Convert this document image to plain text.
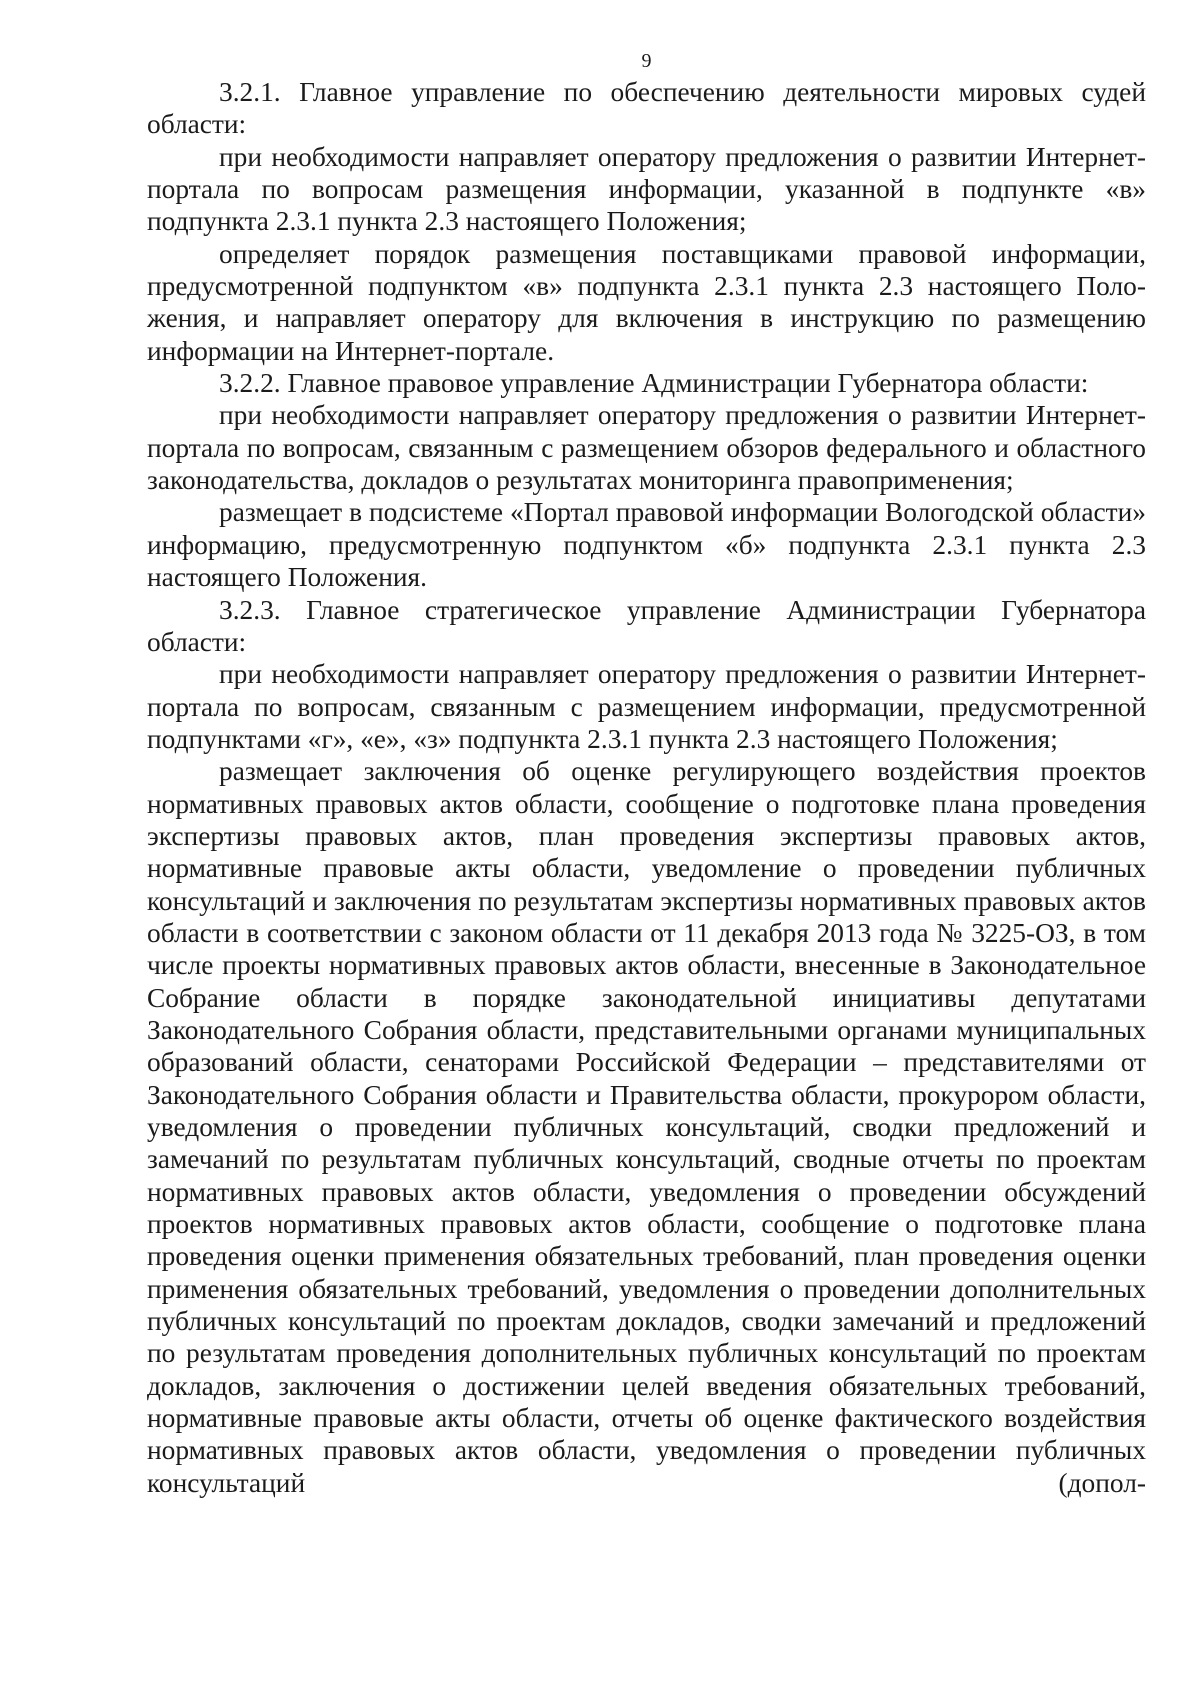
9

3.2.1. Главное управление по обеспечению деятельности мировых судей области:

при необходимости направляет оператору предложения о развитии Интернет-портала по вопросам размещения информации, указанной в подпункте «в» подпункта 2.3.1 пункта 2.3 настоящего Положения;

определяет порядок размещения поставщиками правовой информации, предусмотренной подпунктом «в» подпункта 2.3.1 пункта 2.3 настоящего Положения, и направляет оператору для включения в инструкцию по размещению информации на Интернет-портале.

3.2.2. Главное правовое управление Администрации Губернатора области:

при необходимости направляет оператору предложения о развитии Интернет-портала по вопросам, связанным с размещением обзоров федерального и областного законодательства, докладов о результатах мониторинга правоприменения;

размещает в подсистеме «Портал правовой информации Вологодской области» информацию, предусмотренную подпунктом «б» подпункта 2.3.1 пункта 2.3 настоящего Положения.

3.2.3. Главное стратегическое управление Администрации Губернатора области:

при необходимости направляет оператору предложения о развитии Интернет-портала по вопросам, связанным с размещением информации, предусмотренной подпунктами «г», «е», «з» подпункта 2.3.1 пункта 2.3 настоящего Положения;

размещает заключения об оценке регулирующего воздействия проектов нормативных правовых актов области, сообщение о подготовке плана проведения экспертизы правовых актов, план проведения экспертизы правовых актов, нормативные правовые акты области, уведомление о проведении публичных консультаций и заключения по результатам экспертизы нормативных правовых актов области в соответствии с законом области от 11 декабря 2013 года № 3225-ОЗ, в том числе проекты нормативных правовых актов области, внесенные в Законодательное Собрание области в порядке законодательной инициативы депутатами Законодательного Собрания области, представительными органами муниципальных образований области, сенаторами Российской Федерации – представителями от Законодательного Собрания области и Правительства области, прокурором области, уведомления о проведении публичных консультаций, сводки предложений и замечаний по результатам публичных консультаций, сводные отчеты по проектам нормативных правовых актов области, уведомления о проведении обсуждений проектов нормативных правовых актов области, сообщение о подготовке плана проведения оценки применения обязательных требований, план проведения оценки применения обязательных требований, уведомления о проведении дополнительных публичных консультаций по проектам докладов, сводки замечаний и предложений по результатам проведения дополнительных публичных консультаций по проектам докладов, заключения о достижении целей введения обязательных требований, нормативные правовые акты области, отчеты об оценке фактического воздействия нормативных правовых актов области, уведомления о проведении публичных консультаций (допол-
